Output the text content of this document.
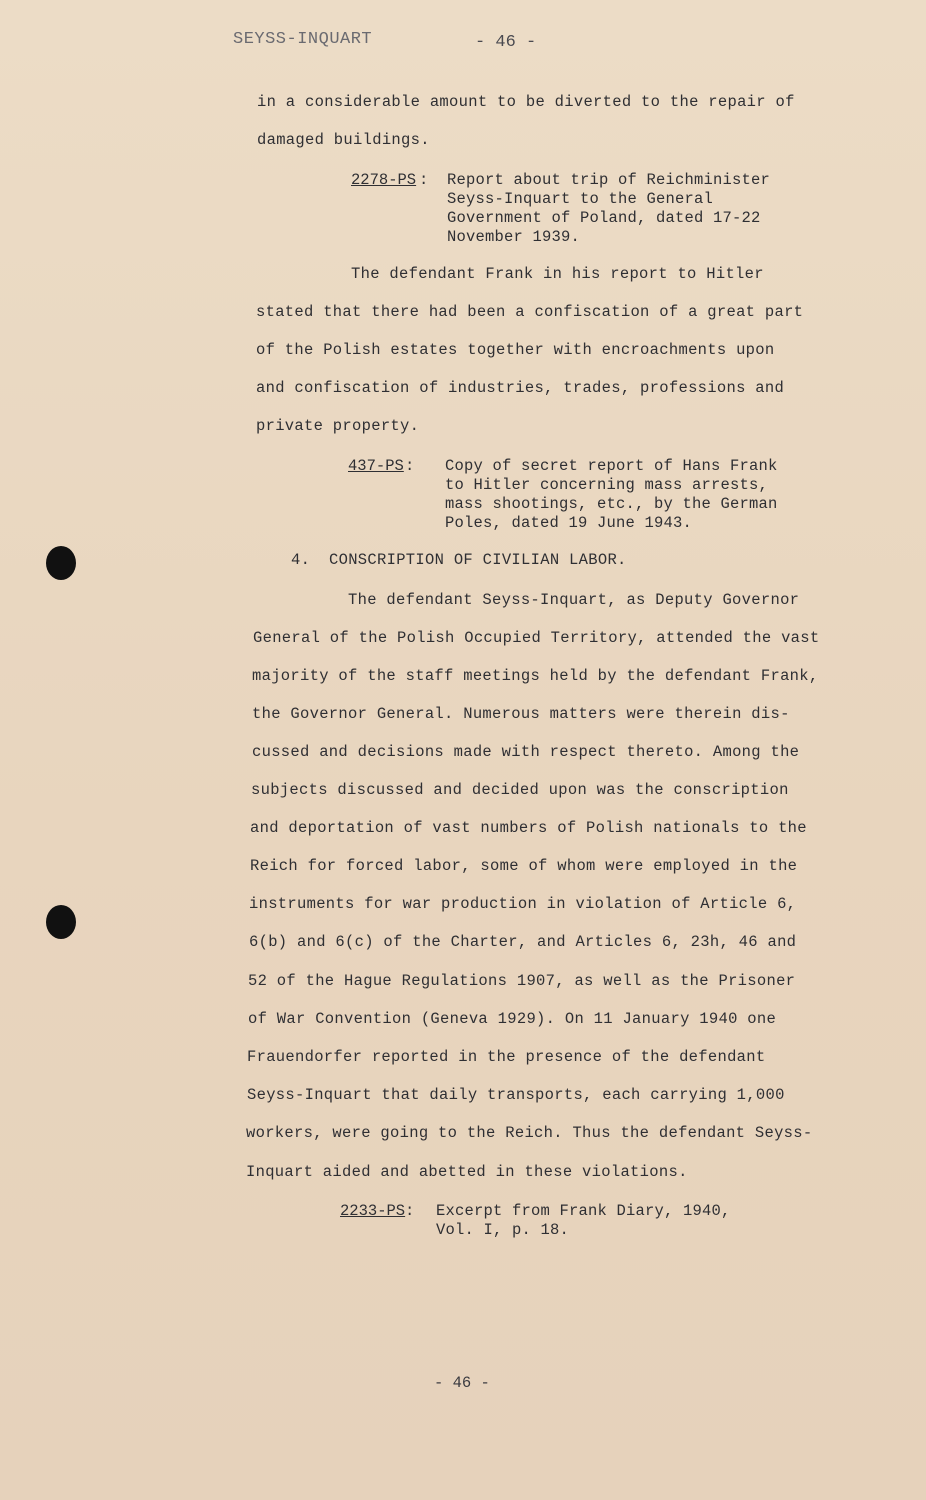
SEYSS-INQUART	- 46 -
in a considerable amount to be diverted to the repair of
damaged buildings.
2278-PS : Report about trip of Reichminister
Seyss-Inquart to the General
Government of Poland, dated 17-22
November 1939.
The defendant Frank in his report to Hitler
stated that there had been a confiscation of a great part
of the Polish estates together with encroachments upon
and confiscation of industries, trades, professions and
private property.
437-PS : Copy of secret report of Hans Frank
to Hitler concerning mass arrests,
mass shootings, etc., by the German
Poles, dated 19 June 1943.
4. CONSCRIPTION OF CIVILIAN LABOR.
The defendant Seyss-Inquart, as Deputy Governor
General of the Polish Occupied Territory, attended the vast
majority of the staff meetings held by the defendant Frank,
the Governor General. Numerous matters were therein dis-
cussed and decisions made with respect thereto. Among the
subjects discussed and decided upon was the conscription
and deportation of vast numbers of Polish nationals to the
Reich for forced labor, some of whom were employed in the
instruments for war production in violation of Article 6,
6(b) and 6(c) of the Charter, and Articles 6, 23h, 46 and
52 of the Hague Regulations 1907, as well as the Prisoner
of War Convention (Geneva 1929). On 11 January 1940 one
Frauendorfer reported in the presence of the defendant
Seyss-Inquart that daily transports, each carrying 1,000
workers, were going to the Reich. Thus the defendant Seyss-
Inquart aided and abetted in these violations.
2233-PS : Excerpt from Frank Diary, 1940,
Vol. I, p. 18.
- 46 -
